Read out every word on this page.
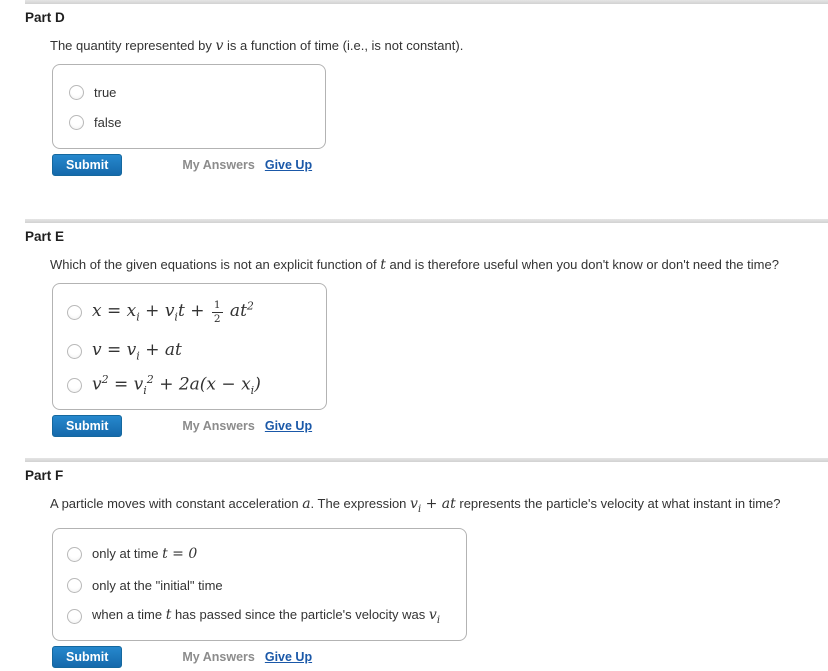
Part D

The quantity represented by v is a function of time (i.e., is not constant).

true
false
Submit	My Answers Give Up
Part E

Which of the given equations is not an explicit function of t and is therefore useful when you don't know or don't need the time?

$x = x_i + v_it + \frac{1}{2} at^2$
$v = v_i$ + at
$v^2 = v_i^2 + 2a(x - x_i)$
Submit	My Answers Give Up
Part F

A particle moves with constant acceleration a. The expression $v_i$ + at represents the particle's velocity at what instant in time?

only at time t = 0
only at the "initial" time
when a time t has passed since the particle's velocity was $v_i$
Submit	My Answers Give Up
